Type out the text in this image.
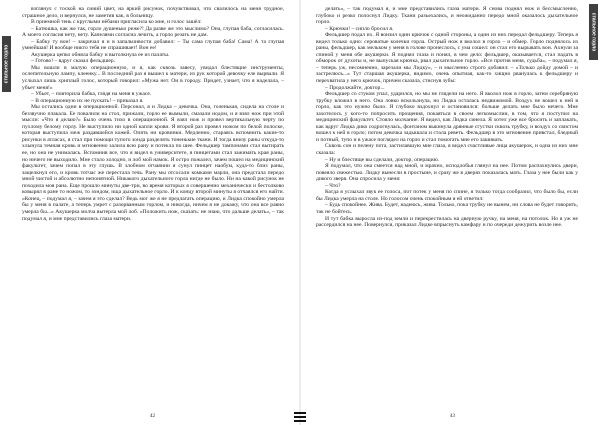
стальное горло

взглянул с тоской на синий цвет, на яркий рисунок, почувствовал, что свалилось на меня трудное, страшное дело, и вернулся, не заметив как, в больницу.

В приемной тень с круглыми нёбами пригласила ко мне, и голос зашёл:

– Батюшка, как же так, горло душенько реже?! Да разве же это мыслимо? Она, глупая баба, соглаcилась. А моего согласия нету, нету. Капелями согласна лечить, а горло резать не дам.

– Бабку ту вон! – закричал я и в запальчивости добавил: – Ты сама глупая баба! Сама! А та глупая умнейшая! И вообще никто тебя не спрашивает! Вон ее!

Акушерка цепко обняла бабку и вытолкнула ее из палаты.

– Готово! – вдруг сказал фельдшер.

Мы вошли в малую операционную, и я, как сквозь завесу, увидал блестящие инструменты, ослепительную лампу, клеенку... В последний раз я вышел к матери, из рук которой девочку еле вырвали. Я услыхал лишь хриплый голос, который говорил: «Мужа нет. Он в городу. Придет, узнает, что я наделала, – убьет меня!»

– Убьет, – повторила бабка, глядя на меня в ужасе.

– В операционную их не пускать! – приказал я.

Мы остались одни в операционной. Персонал, я и Лидка – девочка. Она, голенькая, сидела на столе и беззвучно плакала. Ее повалили на стол, прижали, горло ее вымыли, смазали иодом, и я взял нож при этой мысли: «Что я делаю?» Было очень тихо в операционной. Я взял нож и провел вертикальную черту по пухлому белому горлу. Не выступило ни одной капли крови. Я второй раз провел ножом по белой полоске, которая выступила меж раздавшейся кожей. Опять ни кровинки. Медленно, стараясь вспомнить какие-то рисунки в атласах, я стал при помощи тупого зонда разделять тоненькие ткани. И тогда внизу раны откуда-то хлынула темная кровь и мгновенно залила всю рану и потекла по шее. Фельдшер тампонами стал вытирать ее, но она не унималась. Вспомнив все, что я видел в университете, я пинцетами стал зажимать края раны, но ничего не выходило. Мне стало холодно, и лоб мой намок. Я остро пожалел, зачем пошел на медицинский факультет, зачем попал в эту глушь. В злобном отчаянии я сунул пинцет наобум, куда-то близ раны, защелкнул его, и кровь тотчас же перестала течь. Рану мы отсосали комками марли, она предстала передо мной чистой и абсолютно непонятной. Никакого дыхательного горла нигде не было. Ни на какой рисунок не походила моя рана. Еще прошло минуты две-три, во время которых я совершенно механически и бестолково ковырял в ране то ножом, то зондом, ища дыхательное горло. И к концу второй минуты я отчаялся его найти. «Конец, – подумал я, – зачем я это сделал? Ведь мог же я не предлагать операцию, и Лидка спокойно умерла бы у меня в палате, а теперь умрет с разорванным горлом, и никогда, ничем я не докажу, что она все равно умерла бы...» Акушерка молча вытерла мой лоб. «Положить нож, сказать: не знаю, что дальше делать», – так подумал я, и мне представились глаза матери.

42

делать», – так подумал я, и мне представились глаза матери. Я снова поднял нож и бессмысленно, глубоко и резко полоснул Лидку. Ткани разъехались, и неожиданно передо мной оказалось дыхательное горло.

– Крючки! – сипло бросил я.

Фельдшер подал их. Я вонзил один крючок с одной стороны, а один из них передал фельдшеру. Теперь я видел только одно: сероватые колечки горла. Острый нож я вколол в горло – и обмер. Горло поднялось из раны, фельдшер, как мельком у меня в голове пронеслось, с ума сошел: он стал его вырывать вон. Ахнули за спиной у меня обе акушерки. Я поднял глаза и понял, в чем дело: фельдшер, оказывается, стал падать в обморок от духоты и, не выпуская крючка, рвал дыхательное горло. «Все против меня, судьба», – подумал я, – теперь уж, несомненно, зарезали мы Лидку», – и мысленно строго добавил: – «Только дойду домой – и застрелюсь...» Тут старшая акушерка, видимо, очень опытная, как-то хищно рванулась к фельдшеру и перехватила у него крючок, причем сказала, стиснув зубы:

– Продолжайте, доктор...

Фельдшер со стуком упал, ударился, но мы не глядели на него. Я вколол нож в горло, затем серебряную трубку вложил в него. Она ловко вскользнула, но Лидка осталась недвижимой. Воздух не вошел к ней в горло, как это нужно было. Я глубоко вздохнул и остановился: больше делать мне было нечего. Мне захотелось у кого-то попросить прощения, покаяться в своем легкомыслии, в том, что я поступил на медицинский факультет. Стояло молчание. Я видел, как Лидка синела. Я хотел уже все бросить и заплакать, как вдруг Лидка дико содрогнулась, фонтаном выкинула дрянные сгустки сквозь трубку, и воздух со свистом вошел к ней в горло; потом девочка задышала и стала реветь. Фельдшер в это мгновение привстал, бледный и потный, тупо и в ужасе поглядел на горло и стал помогать мне его зашивать.

Сквозь сон и пелену пота, застилавшую мне глаза, я видел счастливые лица акушерок, и одна из них мне сказала:

– Ну и блестяще вы сделали, доктор, операцию.

Я подумал, что она смеется над мной, и мрачно, исподлобья глянул на нее. Потом распахнулись двери, повеяло свежестью. Лидку вынесли в простыне, и сразу же в дверях показалась мать. Глаза у нее были как у дикого зверя. Она спросила у меня:

– Что?

Когда я услыхал звук ее голоса, пот потек у меня по спине, я только тогда сообразил, что было бы, если бы Лидка умерла на столе. Но голосом очень спокойным я ей ответил:

– Будь спокойнее. Жива. Будет, надеюсь, жива. Только, пока трубку не вынем, ни слова не будет говорить, так не бойтесь.

И тут бабка выросла из-под земли и перекрестилась на дверную ручку, на меня, на потолок. Но я уж не рассердился на нее. Повернулся, приказал Лидке впрыснуть камфару и по очереди дежурить возле нее.

43
стальное горло
